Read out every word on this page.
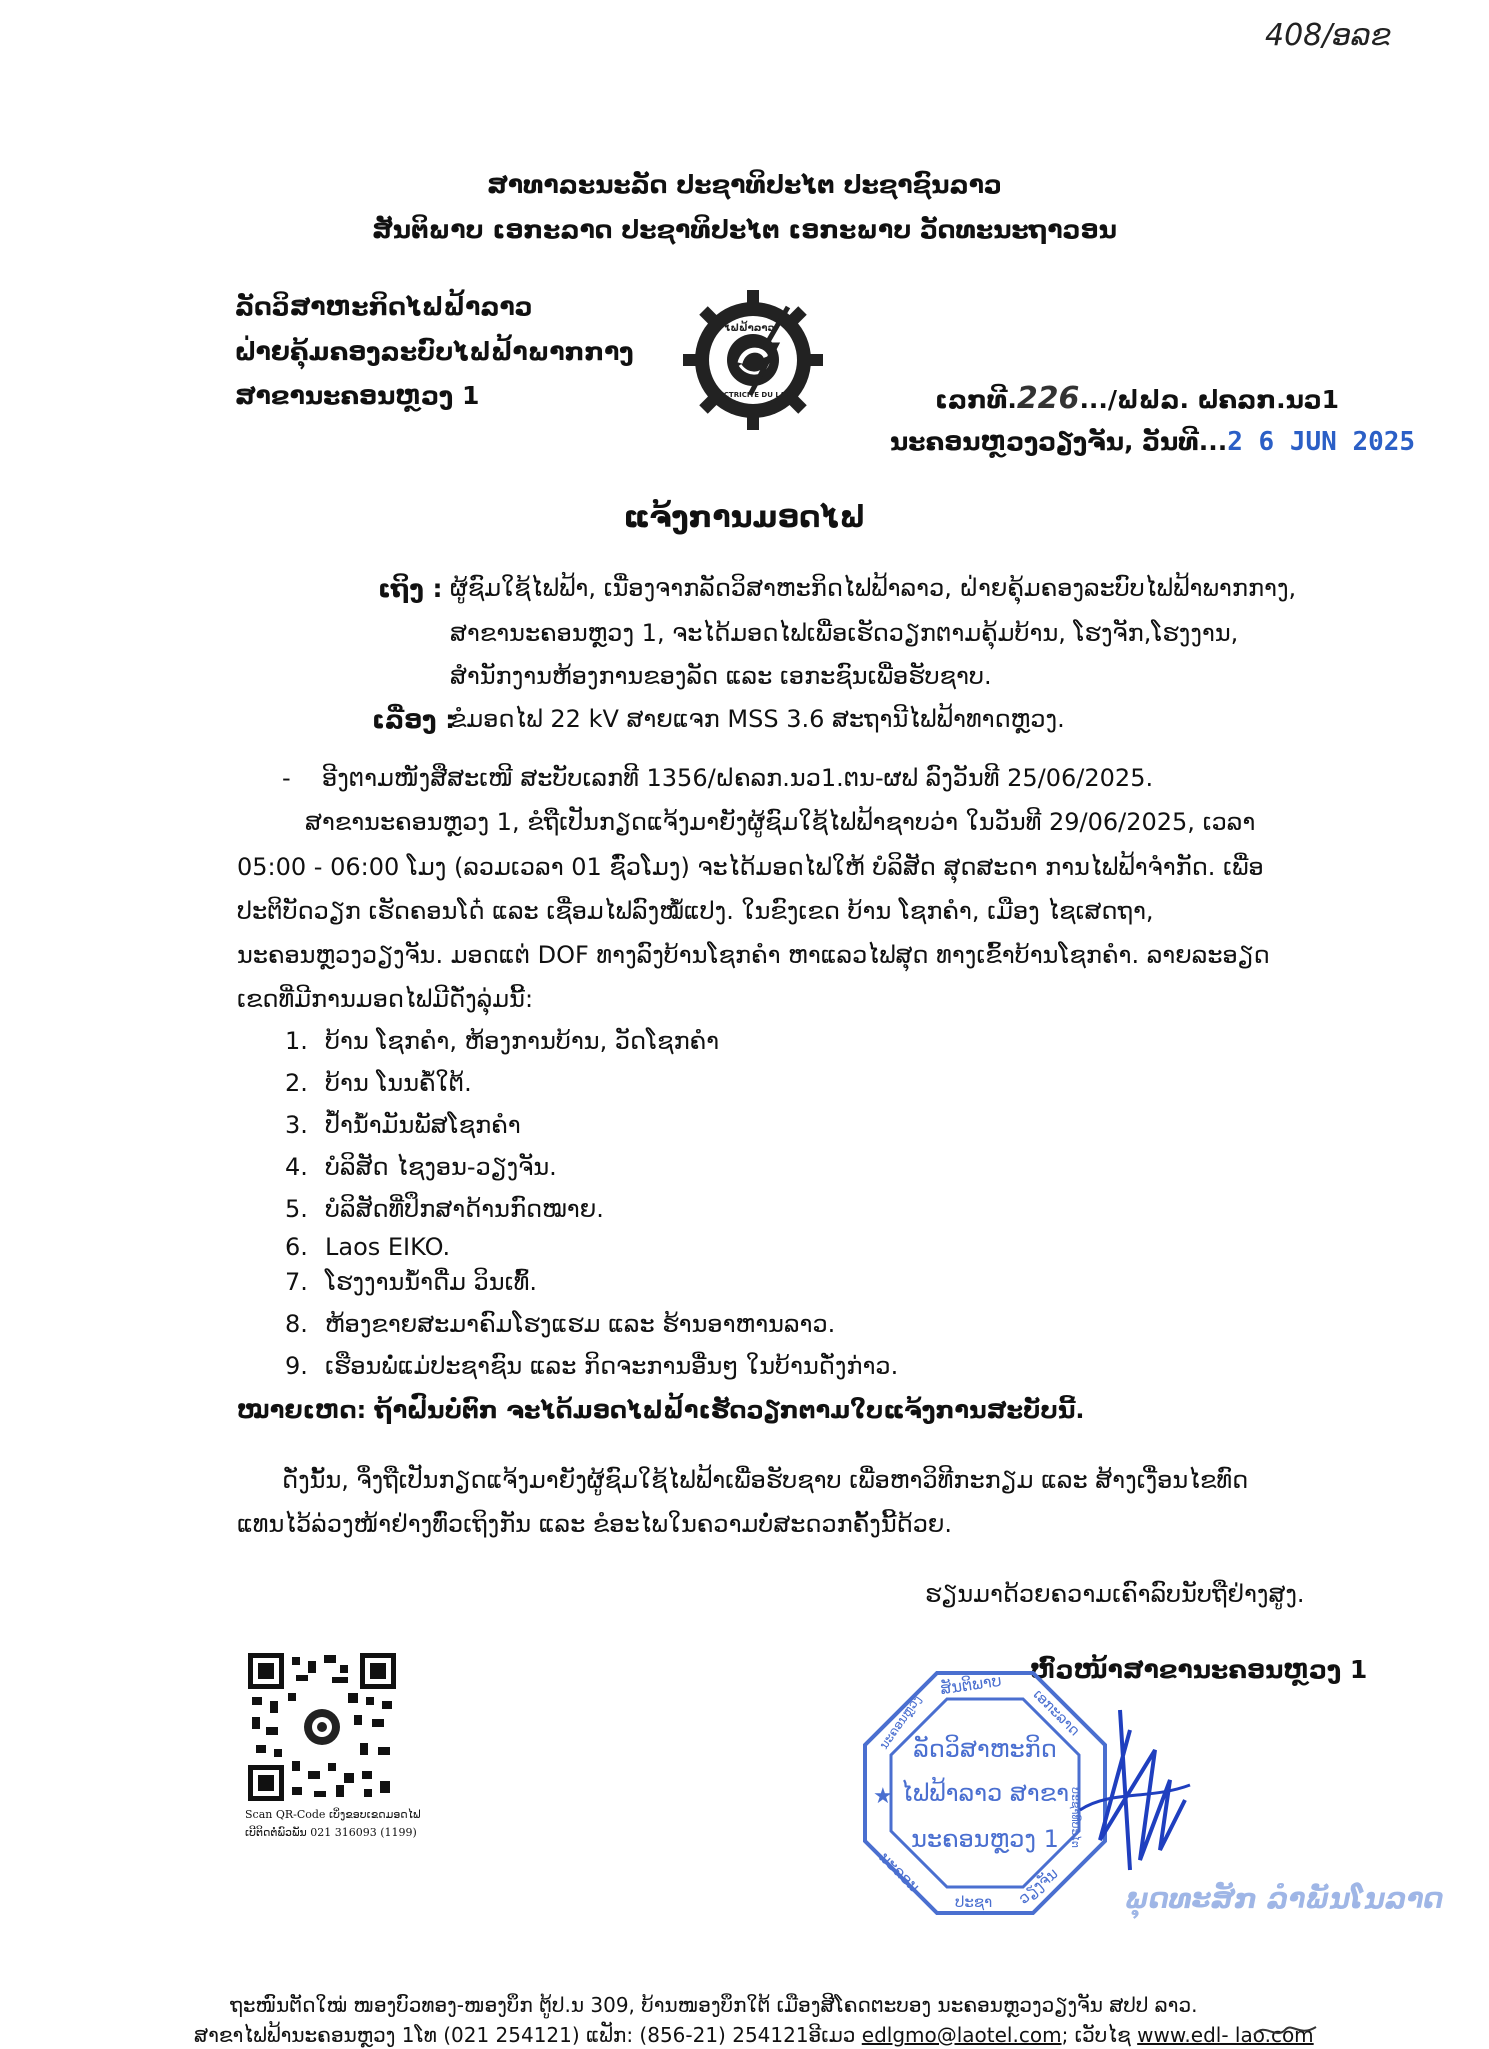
408/ອລຂ
ສາທາລະນະລັດ ປະຊາທິປະໄຕ ປະຊາຊົນລາວ
ສັນຕິພາບ ເອກະລາດ ປະຊາທິປະໄຕ ເອກະພາບ ວັດທະນະຖາວອນ
ລັດວິສາຫະກິດໄຟຟ້າລາວ
ຝ່າຍຄຸ້ມຄອງລະບົບໄຟຟ້າພາກກາງ
ສາຂານະຄອນຫຼວງ 1
ໄຟຟ້າລາວ
ELECTRICITE DU LAOS	ເລກທີ.226.../ຟຟລ. ຝຄລກ.ນວ1
ນະຄອນຫຼວງວຽງຈັນ, ວັນທີ...2 6 JUN 2025
ແຈ້ງການມອດໄຟ
ເຖິງ : ຜູ້ຊົມໃຊ້ໄຟຟ້າ, ເນື່ອງຈາກລັດວິສາຫະກິດໄຟຟ້າລາວ, ຝ່າຍຄຸ້ມຄອງລະບົບໄຟຟ້າພາກກາງ,
ສາຂານະຄອນຫຼວງ 1, ຈະໄດ້ມອດໄຟເພື່ອເຮັດວຽກຕາມຄຸ້ມບ້ານ, ໂຮງຈັກ,ໂຮງງານ,
ສຳນັກງານຫ້ອງການຂອງລັດ ແລະ ເອກະຊົນເພື່ອຮັບຊາບ.
ເລື່ອງ :
ຂໍມອດໄຟ 22 kV ສາຍແຈກ MSS 3.6 ສະຖານີໄຟຟ້າທາດຫຼວງ.
- ອີງຕາມໜັງສືສະເໜີ ສະບັບເລກທີ 1356/ຝຄລກ.ນວ1.ຕນ-ຜຟ ລົງວັນທີ 25/06/2025.
ສາຂານະຄອນຫຼວງ 1, ຂໍຖືເປັນກຽດແຈ້ງມາຍັງຜູ້ຊົມໃຊ້ໄຟຟ້າຊາບວ່າ ໃນວັນທີ 29/06/2025, ເວລາ
05:00 - 06:00 ໂມງ (ລວມເວລາ 01 ຊົ່ວໂມງ) ຈະໄດ້ມອດໄຟໃຫ້ ບໍລິສັດ ສຸດສະດາ ການໄຟຟ້າຈຳກັດ. ເພື່ອ
ປະຕິບັດວຽກ ເຮັດຄອນໂດ໋ ແລະ ເຊື່ອມໄຟລົງໝໍ້ແປງ. ໃນຂົງເຂດ ບ້ານ ໂຊກຄຳ, ເມືອງ ໄຊເສດຖາ,
ນະຄອນຫຼວງວຽງຈັນ. ມອດແຕ່ DOF ທາງລົງບ້ານໂຊກຄຳ ຫາແລວໄຟສຸດ ທາງເຂົ້າບ້ານໂຊກຄຳ. ລາຍລະອຽດ
ເຂດທີ່ມີການມອດໄຟມີດັ່ງລຸ່ມນີ້:
1. ບ້ານ ໂຊກຄຳ, ຫ້ອງການບ້ານ, ວັດໂຊກຄຳ
2. ບ້ານ ໂນນຄໍ້ໃຕ້.
3. ປໍ້ານ້ຳມັນພັສໂຊກຄຳ
4. ບໍລິສັດ ໄຊງອນ-ວຽງຈັນ.
5. ບໍລິສັດທີ່ປຶກສາດ້ານກົດໝາຍ.
6. Laos EIKO.
7. ໂຮງງານນ້ຳດື່ມ ວິນເທົ້.
8. ຫ້ອງຂາຍສະມາຄົມໂຮງແຮມ ແລະ ຮ້ານອາຫານລາວ.
9. ເຮືອນພໍ່ແມ່ປະຊາຊົນ ແລະ ກິດຈະການອື່ນໆ ໃນບ້ານດັ່ງກ່າວ.
ໝາຍເຫດ: ຖ້າຝົນບໍ່ຕົກ ຈະໄດ້ມອດໄຟຟ້າເຮັດວຽກຕາມໃບແຈ້ງການສະບັບນີ້.
ດັ່ງນັ້ນ, ຈຶ່ງຖືເປັນກຽດແຈ້ງມາຍັງຜູ້ຊົມໃຊ້ໄຟຟ້າເພື່ອຮັບຊາບ ເພື່ອຫາວິທີກະກຽມ ແລະ ສ້າງເງື່ອນໄຂທົດ
ແທນໄວ້ລ່ວງໜ້າຢ່າງທົ່ວເຖິງກັນ ແລະ ຂໍອະໄພໃນຄວາມບໍ່ສະດວກຄັ້ງນີ້ດ້ວຍ.
ຮຽນມາດ້ວຍຄວາມເຄົາລົບນັບຖືຢ່າງສູງ.
ຫົວໜ້າສາຂານະຄອນຫຼວງ 1
Scan QR-Code ເບິ່ງຂອບເຂດມອດໄຟ
ເບີຕິດຕໍ່ພົວພັນ 021 316093 (1199)
★
ສັນຕິພາບ
ເອກະລາດ
ປະຊາທິປະໄຕ
ນະຄອນຫຼວງ
ວຽງຈັນ
ປະຊາ
ນະຄອນ
ລັດວິສາຫະກິດ
ໄຟຟ້າລາວ ສາຂາ
ນະຄອນຫຼວງ 1
ພຸດທະສັກ ລໍາພັນໂນລາດ
ຖະໜົນຕັດໃໝ່ ໜອງບົວທອງ-ໜອງບຶກ ຕູ້ປ.ນ 309, ບ້ານໜອງບຶກໃຕ້ ເມືອງສີໂຄດຕະບອງ ນະຄອນຫຼວງວຽງຈັນ ສປປ ລາວ.
ສາຂາໄຟຟ້ານະຄອນຫຼວງ 1ໂທ (021 254121) ແຟັກ: (856-21) 254121ອີເມວ edlgmo@laotel.com; ເວັບໄຊ www.edl- lao.com
